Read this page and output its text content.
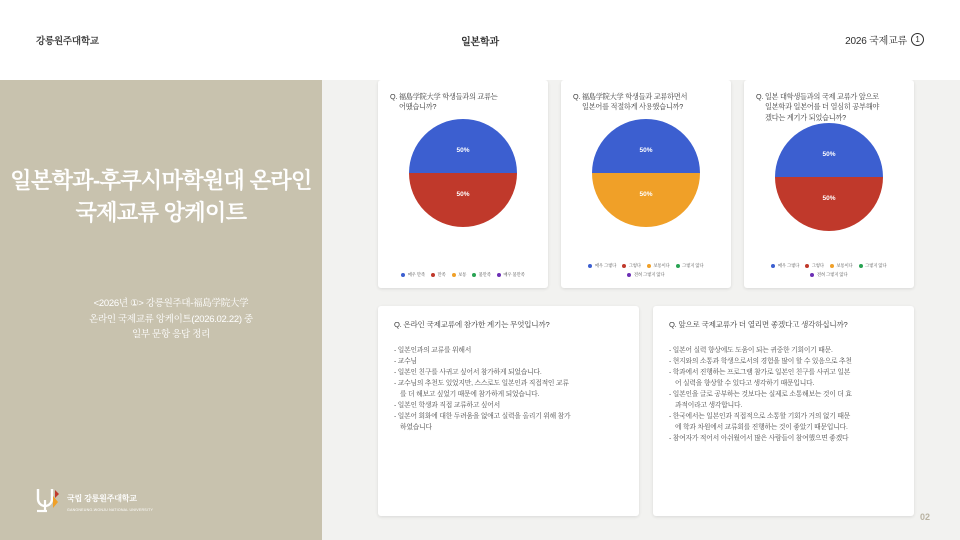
강릉원주대학교	일본학과	2026 국제교류	1
일본학과-후쿠시마학원대 온라인 국제교류 앙케이트
<2026년 ①> 강릉원주대-福島学院大学
온라인 국제교류 앙케이트(2026.02.22) 중
일부 문항 응답 정리
국립 강릉원주대학교
GANGNEUNG-WONJU NATIONAL UNIVERSITY
Q. 福島学院大学 학생들과의 교류는
어땠습니까?
50%
50%
매우 만족	만족	보통	불만족	매우 불만족
Q. 福島学院大学 학생들과 교류하면서
일본어를 적절하게 사용했습니까?
50%
50%
매우 그렇다	그렇다	보통이다	그렇지 않다
전혀 그렇지 않다
Q. 일본 대학생들과의 국제 교류가 앞으로
일본학과 일본어를 더 열심히 공부해야
겠다는 계기가 되었습니까?
50%
50%
매우 그렇다	그렇다	보통이다	그렇지 않다
전혀 그렇지 않다
Q. 온라인 국제교류에 참가한 계기는 무엇입니까?
- 일본인과의 교류를 위해서
- 교수님
- 일본인 친구를 사귀고 싶어서 참가하게 되었습니다.
- 교수님의 추천도 있었지만, 스스로도 일본인과 직접적인 교류
를 더 해보고 싶었기 때문에 참가하게 되었습니다.
- 일본인 학생과 직접 교류하고 싶어서
- 일본어 회화에 대한 두려움을 없애고 실력을 올리기 위해 참가
하였습니다
Q. 앞으로 국제교류가 더 열리면 좋겠다고 생각하십니까?
- 일본어 실력 향상에도 도움이 되는 귀중한 기회이기 때문.
- 현지와의 소통과 학생으로서의 경험을 많이 할 수 있음으로 추천
- 학과에서 진행하는 프로그램 참가로 일본인 친구를 사귀고 일본
어 실력을 향상할 수 있다고 생각하기 때문입니다.
- 일본인을 글로 공부하는 것보다는 실제로 소통해보는 것이 더 효
과적이라고 생각합니다.
- 한국에서는 일본인과 직접적으로 소통할 기회가 거의 없기 때문
에 학과 차원에서 교류회를 진행하는 것이 좋았기 때문입니다.
- 참여자가 적어서 아쉬웠어서 많은 사람들이 참여했으면 좋겠다
02
